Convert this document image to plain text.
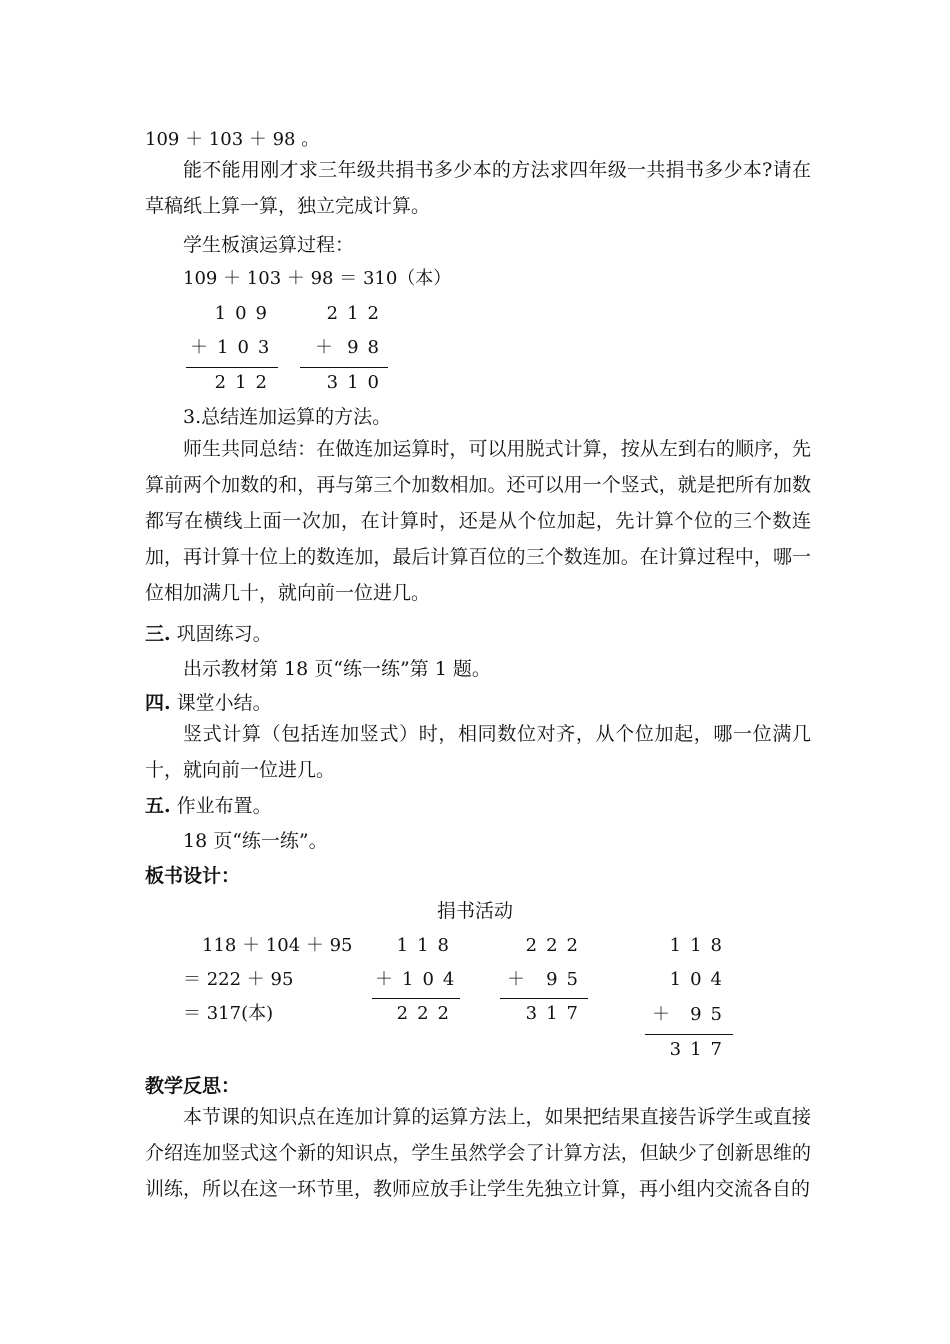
109 ＋ 103 ＋ 98 。

能不能用刚才求三年级共捐书多少本的方法求四年级一共捐书多少本?请在草稿纸上算一算，独立完成计算。

学生板演运算过程：
109 ＋ 103 ＋ 98 ＝ 310（本）
109
＋103
212
212
＋ 98
310
3.总结连加运算的方法。

师生共同总结：在做连加运算时，可以用脱式计算，按从左到右的顺序，先算前两个加数的和，再与第三个加数相加。还可以用一个竖式，就是把所有加数都写在横线上面一次加，在计算时，还是从个位加起，先计算个位的三个数连加，再计算十位上的数连加，最后计算百位的三个数连加。在计算过程中，哪一位相加满几十，就向前一位进几。

三. 巩固练习。
出示教材第 18 页“练一练”第 1 题。
四. 课堂小结。

竖式计算（包括连加竖式）时，相同数位对齐，从个位加起，哪一位满几十，就向前一位进几。

五. 作业布置。
18 页“练一练”。
板书设计：
捐书活动
118 ＋ 104 ＋ 95
＝ 222 ＋ 95
＝ 317(本)
118
＋104
222
222
＋	95
317
118
104
＋	95
317
教学反思：

本节课的知识点在连加计算的运算方法上，如果把结果直接告诉学生或直接介绍连加竖式这个新的知识点，学生虽然学会了计算方法，但缺少了创新思维的训练，所以在这一环节里，教师应放手让学生先独立计算，再小组内交流各自的
